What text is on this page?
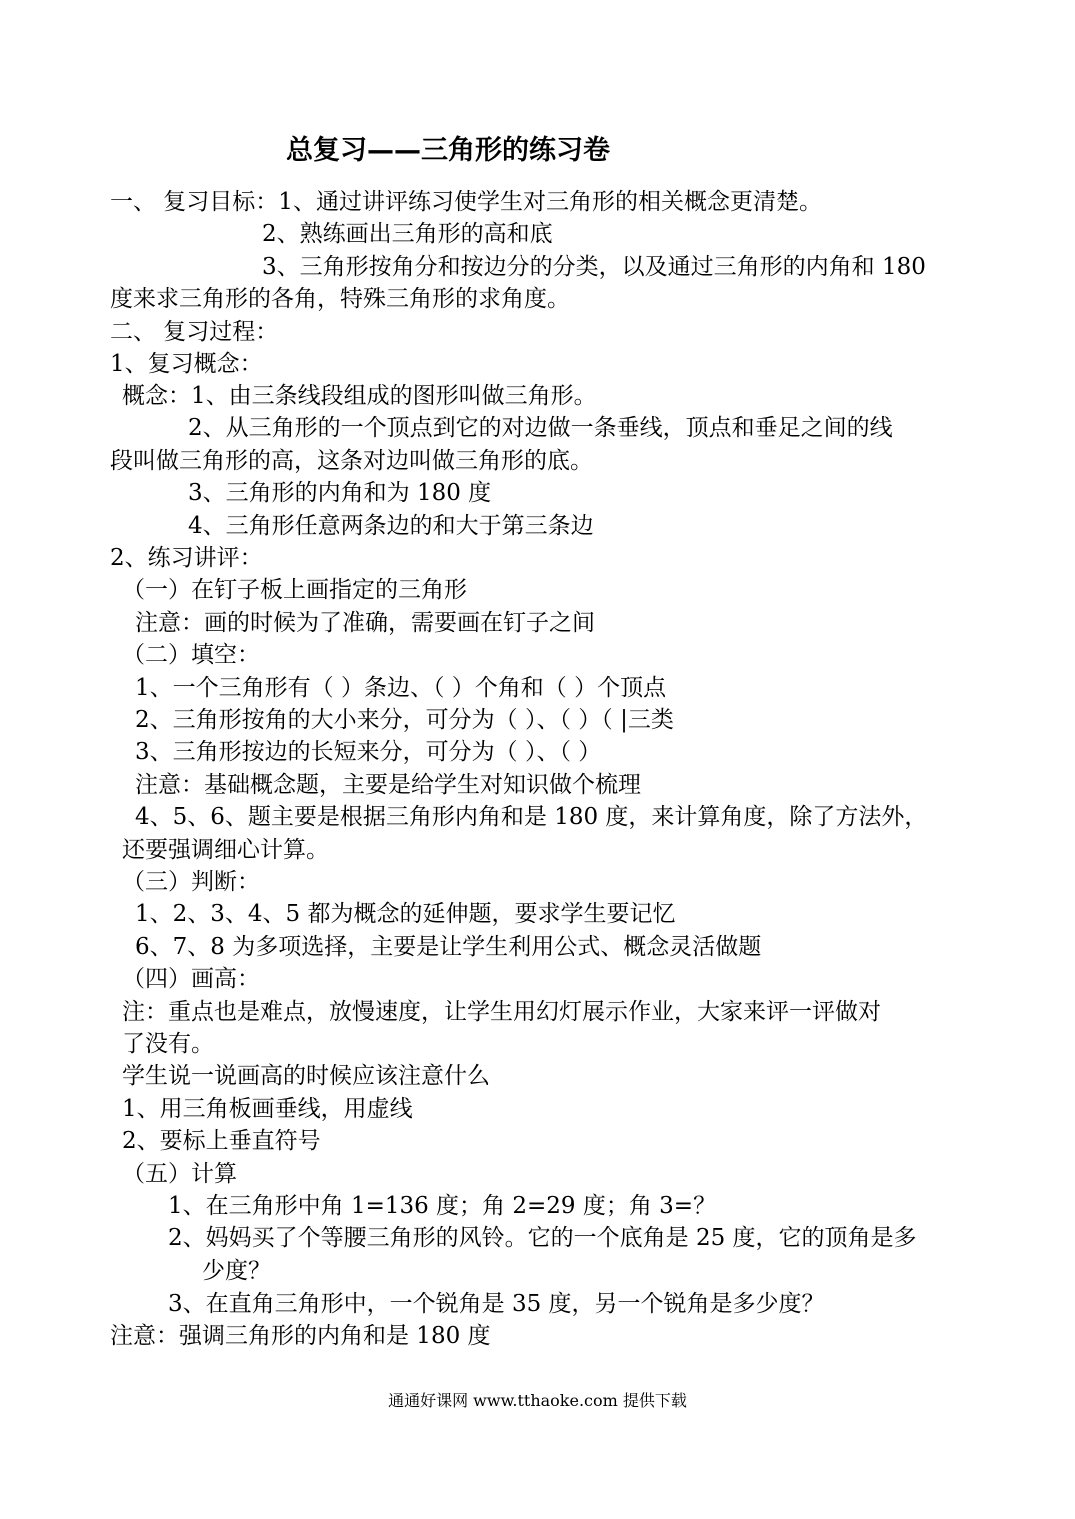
总复习——三角形的练习卷
一、 复习目标：1、通过讲评练习使学生对三角形的相关概念更清楚。
2、熟练画出三角形的高和底
3、三角形按角分和按边分的分类，以及通过三角形的内角和 180
度来求三角形的各角，特殊三角形的求角度。
二、 复习过程：
1、复习概念：
概念：1、由三条线段组成的图形叫做三角形。
2、从三角形的一个顶点到它的对边做一条垂线，顶点和垂足之间的线
段叫做三角形的高，这条对边叫做三角形的底。
3、三角形的内角和为 180 度
4、三角形任意两条边的和大于第三条边
2、练习讲评：
（一）在钉子板上画指定的三角形
注意：画的时候为了准确，需要画在钉子之间
（二）填空：
1、一个三角形有（ ）条边、（ ）个角和（ ）个顶点
2、三角形按角的大小来分，可分为（ ）、（ ）（ |三类
3、三角形按边的长短来分，可分为（ ）、（ ）
注意：基础概念题，主要是给学生对知识做个梳理
4、5、6、题主要是根据三角形内角和是 180 度，来计算角度，除了方法外，
还要强调细心计算。
（三）判断：
1、2、3、4、5 都为概念的延伸题，要求学生要记忆
6、7、8 为多项选择，主要是让学生利用公式、概念灵活做题
（四）画高：
注：重点也是难点，放慢速度，让学生用幻灯展示作业，大家来评一评做对
了没有。
学生说一说画高的时候应该注意什么
1、用三角板画垂线，用虚线
2、要标上垂直符号
（五）计算
1、在三角形中角 1=136 度；角 2=29 度；角 3=？
2、妈妈买了个等腰三角形的风铃。它的一个底角是 25 度，它的顶角是多
少度？
3、在直角三角形中，一个锐角是 35 度，另一个锐角是多少度？
注意：强调三角形的内角和是 180 度
通通好课网 www.tthaoke.com 提供下载
